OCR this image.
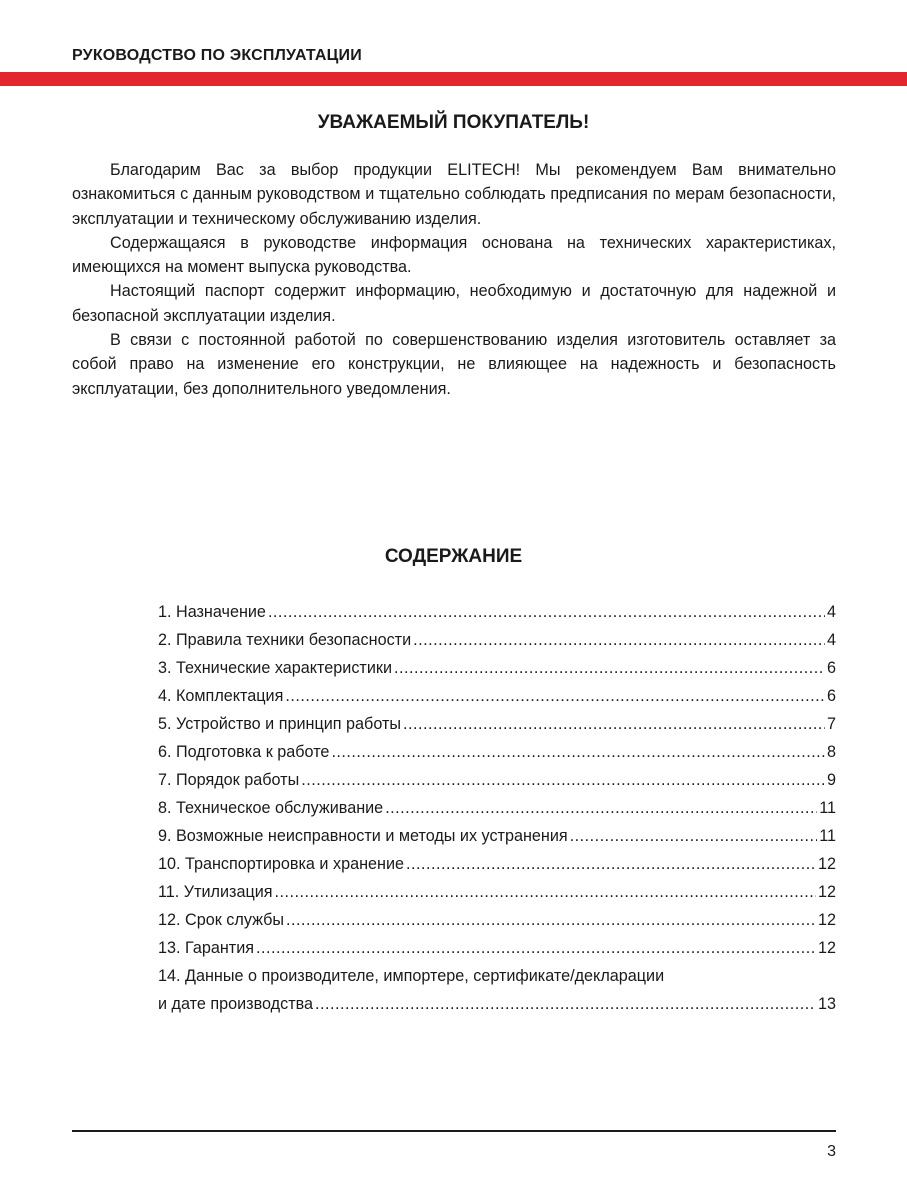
РУКОВОДСТВО ПО ЭКСПЛУАТАЦИИ
УВАЖАЕМЫЙ ПОКУПАТЕЛЬ!

Благодарим Вас за выбор продукции ELITECH! Мы рекомендуем Вам внимательно ознакомиться с данным руководством и тщательно соблюдать предписания по мерам безопасности, эксплуатации и техническому обслуживанию изделия.

Содержащаяся в руководстве информация основана на технических характеристиках, имеющихся на момент выпуска руководства.

Настоящий паспорт содержит информацию, необходимую и достаточную для надежной и безопасной эксплуатации изделия.

В связи с постоянной работой по совершенствованию изделия изготовитель оставляет за собой право на изменение его конструкции, не влияющее на надежность и безопасность эксплуатации, без дополнительного уведомления.

СОДЕРЖАНИЕ
1. Назначение .....	4
2. Правила техники безопасности .....	4
3. Технические характеристики .....	6
4. Комплектация .....	6
5. Устройство и принцип работы .....	7
6. Подготовка к работе .....	8
7. Порядок работы .....	9
8. Техническое обслуживание .....	11
9. Возможные неисправности и методы их устранения .....	11
10. Транспортировка и хранение .....	12
11. Утилизация .....	12
12. Срок службы .....	12
13. Гарантия .....	12
14. Данные о производителе, импортере, сертификате/декларации
и дате производства .....	13
3
